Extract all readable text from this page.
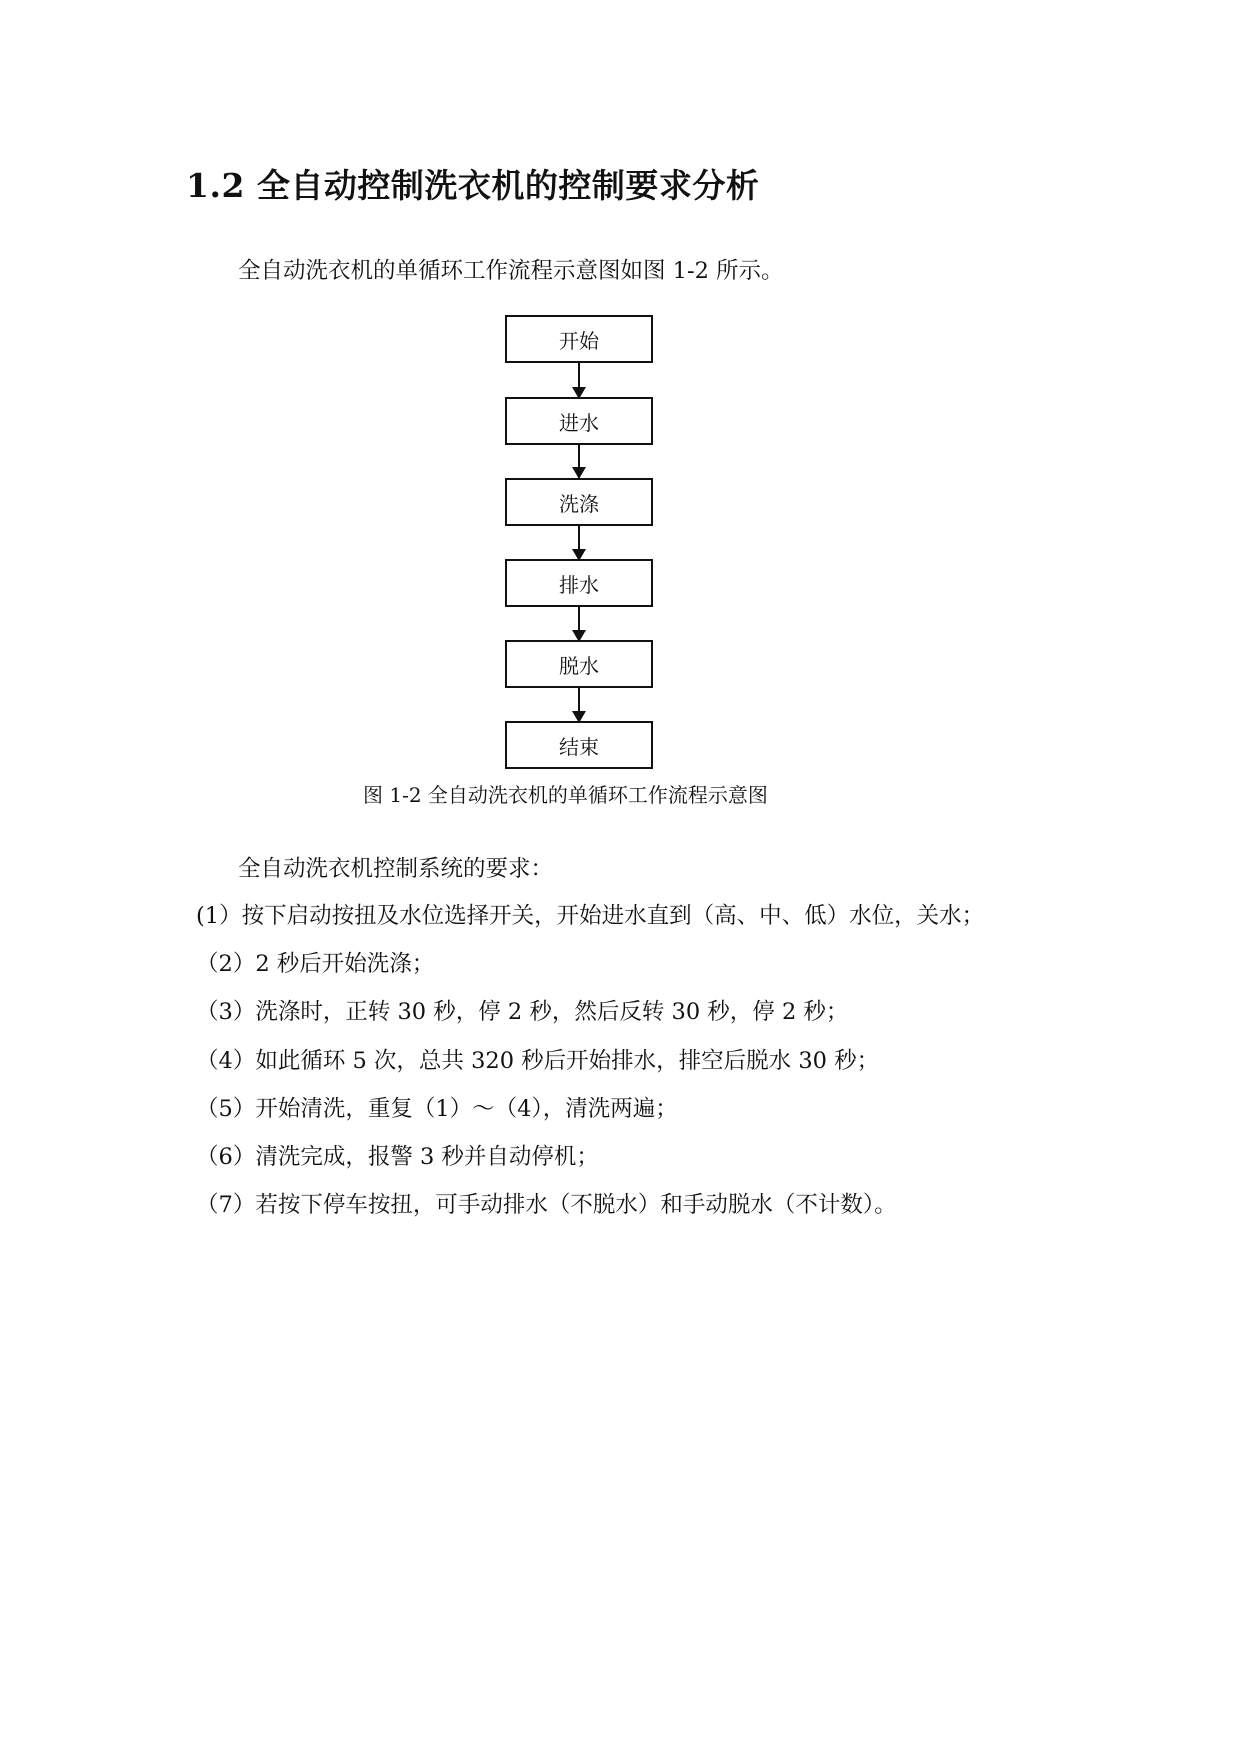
1.2 全自动控制洗衣机的控制要求分析

全自动洗衣机的单循环工作流程示意图如图 1-2 所示。

开始
进水
洗涤
排水
脱水
结束

图 1-2 全自动洗衣机的单循环工作流程示意图

全自动洗衣机控制系统的要求：

(1）按下启动按扭及水位选择开关，开始进水直到（高、中、低）水位，关水；

（2）2 秒后开始洗涤；

（3）洗涤时，正转 30 秒，停 2 秒，然后反转 30 秒，停 2 秒；

（4）如此循环 5 次，总共 320 秒后开始排水，排空后脱水 30 秒；

（5）开始清洗，重复（1）～（4），清洗两遍；

（6）清洗完成，报警 3 秒并自动停机；

（7）若按下停车按扭，可手动排水（不脱水）和手动脱水（不计数）。
